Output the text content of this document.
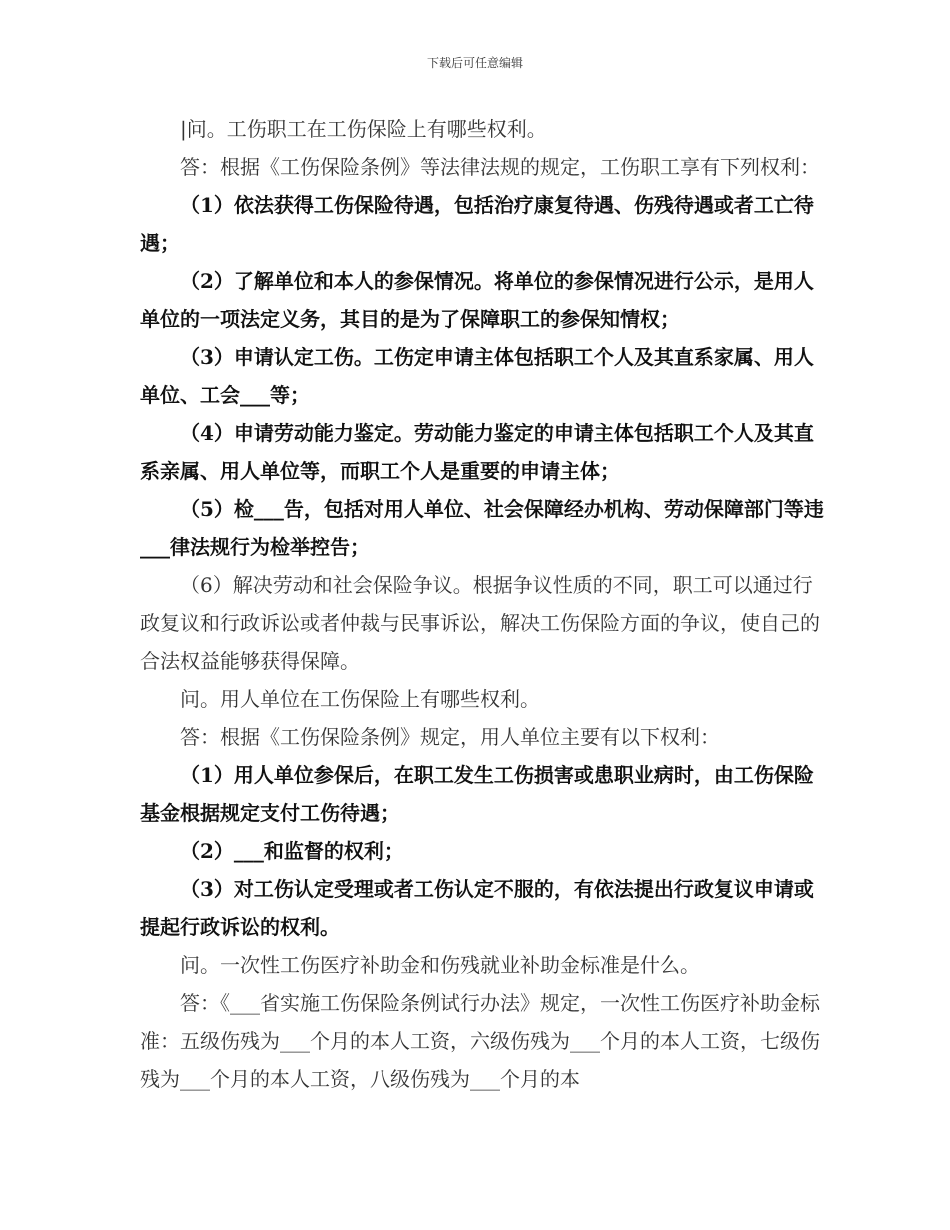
下载后可任意编辑

|问。工伤职工在工伤保险上有哪些权利。

答：根据《工伤保险条例》等法律法规的规定，工伤职工享有下列权利：

（1）依法获得工伤保险待遇，包括治疗康复待遇、伤残待遇或者工亡待遇；

（2）了解单位和本人的参保情况。将单位的参保情况进行公示，是用人单位的一项法定义务，其目的是为了保障职工的参保知情权；

（3）申请认定工伤。工伤定申请主体包括职工个人及其直系家属、用人单位、工会___等；

（4）申请劳动能力鉴定。劳动能力鉴定的申请主体包括职工个人及其直系亲属、用人单位等，而职工个人是重要的申请主体；

（5）检___告，包括对用人单位、社会保障经办机构、劳动保障部门等违___律法规行为检举控告；

（6）解决劳动和社会保险争议。根据争议性质的不同，职工可以通过行政复议和行政诉讼或者仲裁与民事诉讼，解决工伤保险方面的争议，使自己的合法权益能够获得保障。

问。用人单位在工伤保险上有哪些权利。

答：根据《工伤保险条例》规定，用人单位主要有以下权利：

（1）用人单位参保后，在职工发生工伤损害或患职业病时，由工伤保险基金根据规定支付工伤待遇；

（2）___和监督的权利；

（3）对工伤认定受理或者工伤认定不服的，有依法提出行政复议申请或提起行政诉讼的权利。

问。一次性工伤医疗补助金和伤残就业补助金标准是什么。

答：《___省实施工伤保险条例试行办法》规定，一次性工伤医疗补助金标准：五级伤残为___个月的本人工资，六级伤残为___个月的本人工资，七级伤残为___个月的本人工资，八级伤残为___个月的本
